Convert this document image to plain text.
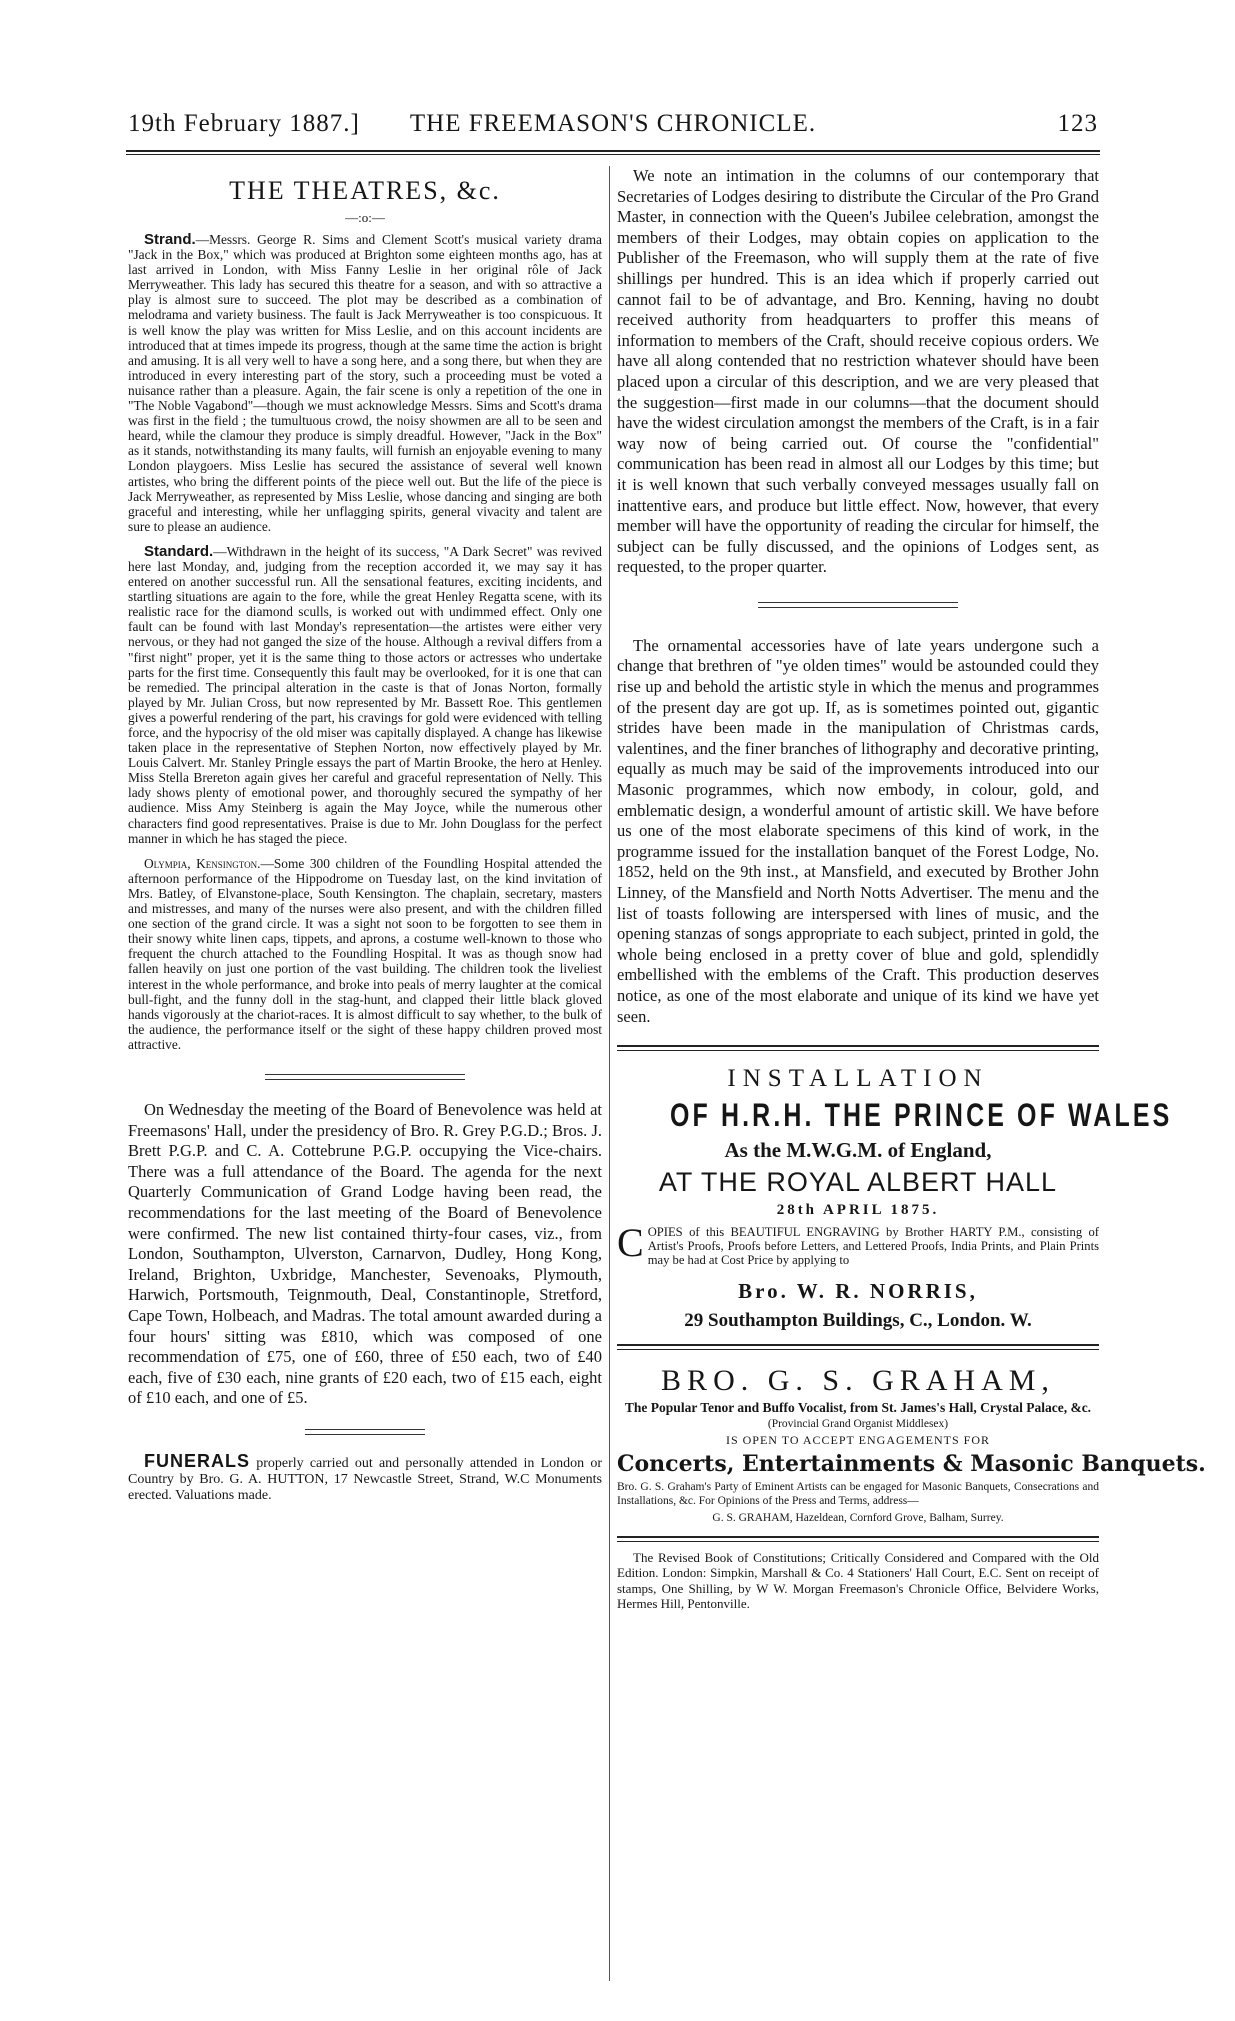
19th February 1887.]	THE FREEMASON'S CHRONICLE.	123
THE THEATRES, &c.
—:o:—

Strand.—Messrs. George R. Sims and Clement Scott's musical variety drama "Jack in the Box," which was produced at Brighton some eighteen months ago, has at last arrived in London, with Miss Fanny Leslie in her original rôle of Jack Merryweather. This lady has secured this theatre for a season, and with so attractive a play is almost sure to succeed. The plot may be described as a combination of melodrama and variety business. The fault is Jack Merryweather is too conspicuous. It is well know the play was written for Miss Leslie, and on this account incidents are introduced that at times impede its progress, though at the same time the action is bright and amusing. It is all very well to have a song here, and a song there, but when they are introduced in every interesting part of the story, such a proceeding must be voted a nuisance rather than a pleasure. Again, the fair scene is only a repetition of the one in "The Noble Vagabond"—though we must acknowledge Messrs. Sims and Scott's drama was first in the field ; the tumultuous crowd, the noisy showmen are all to be seen and heard, while the clamour they produce is simply dreadful. However, "Jack in the Box" as it stands, notwithstanding its many faults, will furnish an enjoyable evening to many London playgoers. Miss Leslie has secured the assistance of several well known artistes, who bring the different points of the piece well out. But the life of the piece is Jack Merryweather, as represented by Miss Leslie, whose dancing and singing are both graceful and interesting, while her unflagging spirits, general vivacity and talent are sure to please an audience.

Standard.—Withdrawn in the height of its success, "A Dark Secret" was revived here last Monday, and, judging from the reception accorded it, we may say it has entered on another successful run. All the sensational features, exciting incidents, and startling situations are again to the fore, while the great Henley Regatta scene, with its realistic race for the diamond sculls, is worked out with undimmed effect. Only one fault can be found with last Monday's representation—the artistes were either very nervous, or they had not ganged the size of the house. Although a revival differs from a "first night" proper, yet it is the same thing to those actors or actresses who undertake parts for the first time. Consequently this fault may be overlooked, for it is one that can be remedied. The principal alteration in the caste is that of Jonas Norton, formally played by Mr. Julian Cross, but now represented by Mr. Bassett Roe. This gentlemen gives a powerful rendering of the part, his cravings for gold were evidenced with telling force, and the hypocrisy of the old miser was capitally displayed. A change has likewise taken place in the representative of Stephen Norton, now effectively played by Mr. Louis Calvert. Mr. Stanley Pringle essays the part of Martin Brooke, the hero at Henley. Miss Stella Brereton again gives her careful and graceful representation of Nelly. This lady shows plenty of emotional power, and thoroughly secured the sympathy of her audience. Miss Amy Steinberg is again the May Joyce, while the numerous other characters find good representatives. Praise is due to Mr. John Douglass for the perfect manner in which he has staged the piece.

Olympia, Kensington.—Some 300 children of the Foundling Hospital attended the afternoon performance of the Hippodrome on Tuesday last, on the kind invitation of Mrs. Batley, of Elvanstone-place, South Kensington. The chaplain, secretary, masters and mistresses, and many of the nurses were also present, and with the children filled one section of the grand circle. It was a sight not soon to be forgotten to see them in their snowy white linen caps, tippets, and aprons, a costume well-known to those who frequent the church attached to the Foundling Hospital. It was as though snow had fallen heavily on just one portion of the vast building. The children took the liveliest interest in the whole performance, and broke into peals of merry laughter at the comical bull-fight, and the funny doll in the stag-hunt, and clapped their little black gloved hands vigorously at the chariot-races. It is almost difficult to say whether, to the bulk of the audience, the performance itself or the sight of these happy children proved most attractive.

On Wednesday the meeting of the Board of Benevolence was held at Freemasons' Hall, under the presidency of Bro. R. Grey P.G.D.; Bros. J. Brett P.G.P. and C. A. Cottebrune P.G.P. occupying the Vice-chairs. There was a full attendance of the Board. The agenda for the next Quarterly Communication of Grand Lodge having been read, the recommendations for the last meeting of the Board of Benevolence were confirmed. The new list contained thirty-four cases, viz., from London, Southampton, Ulverston, Carnarvon, Dudley, Hong Kong, Ireland, Brighton, Uxbridge, Manchester, Sevenoaks, Plymouth, Harwich, Portsmouth, Teignmouth, Deal, Constantinople, Stretford, Cape Town, Holbeach, and Madras. The total amount awarded during a four hours' sitting was £810, which was composed of one recommendation of £75, one of £60, three of £50 each, two of £40 each, five of £30 each, nine grants of £20 each, two of £15 each, eight of £10 each, and one of £5.

FUNERALS properly carried out and personally attended in London or Country by Bro. G. A. HUTTON, 17 Newcastle Street, Strand, W.C Monuments erected. Valuations made.

We note an intimation in the columns of our contemporary that Secretaries of Lodges desiring to distribute the Circular of the Pro Grand Master, in connection with the Queen's Jubilee celebration, amongst the members of their Lodges, may obtain copies on application to the Publisher of the Freemason, who will supply them at the rate of five shillings per hundred. This is an idea which if properly carried out cannot fail to be of advantage, and Bro. Kenning, having no doubt received authority from headquarters to proffer this means of information to members of the Craft, should receive copious orders. We have all along contended that no restriction whatever should have been placed upon a circular of this description, and we are very pleased that the suggestion—first made in our columns—that the document should have the widest circulation amongst the members of the Craft, is in a fair way now of being carried out. Of course the "confidential" communication has been read in almost all our Lodges by this time; but it is well known that such verbally conveyed messages usually fall on inattentive ears, and produce but little effect. Now, however, that every member will have the opportunity of reading the circular for himself, the subject can be fully discussed, and the opinions of Lodges sent, as requested, to the proper quarter.

The ornamental accessories have of late years undergone such a change that brethren of "ye olden times" would be astounded could they rise up and behold the artistic style in which the menus and programmes of the present day are got up. If, as is sometimes pointed out, gigantic strides have been made in the manipulation of Christmas cards, valentines, and the finer branches of lithography and decorative printing, equally as much may be said of the improvements introduced into our Masonic programmes, which now embody, in colour, gold, and emblematic design, a wonderful amount of artistic skill. We have before us one of the most elaborate specimens of this kind of work, in the programme issued for the installation banquet of the Forest Lodge, No. 1852, held on the 9th inst., at Mansfield, and executed by Brother John Linney, of the Mansfield and North Notts Advertiser. The menu and the list of toasts following are interspersed with lines of music, and the opening stanzas of songs appropriate to each subject, printed in gold, the whole being enclosed in a pretty cover of blue and gold, splendidly embellished with the emblems of the Craft. This production deserves notice, as one of the most elaborate and unique of its kind we have yet seen.

INSTALLATION
OF H.R.H. THE PRINCE OF WALES
As the M.W.G.M. of England,
AT THE ROYAL ALBERT HALL
28th APRIL 1875.

COPIES of this BEAUTIFUL ENGRAVING by Brother HARTY P.M., consisting of Artist's Proofs, Proofs before Letters, and Lettered Proofs, India Prints, and Plain Prints may be had at Cost Price by applying to

Bro. W. R. NORRIS,
29 Southampton Buildings, C., London. W.
BRO. G. S. GRAHAM,
The Popular Tenor and Buffo Vocalist, from St. James's Hall, Crystal Palace, &c.
(Provincial Grand Organist Middlesex)
IS OPEN TO ACCEPT ENGAGEMENTS FOR
Concerts, Entertainments & Masonic Banquets.

Bro. G. S. Graham's Party of Eminent Artists can be engaged for Masonic Banquets, Consecrations and Installations, &c. For Opinions of the Press and Terms, address—

G. S. GRAHAM, Hazeldean, Cornford Grove, Balham, Surrey.

The Revised Book of Constitutions; Critically Considered and Compared with the Old Edition. London: Simpkin, Marshall & Co. 4 Stationers' Hall Court, E.C. Sent on receipt of stamps, One Shilling, by W W. Morgan Freemason's Chronicle Office, Belvidere Works, Hermes Hill, Pentonville.
